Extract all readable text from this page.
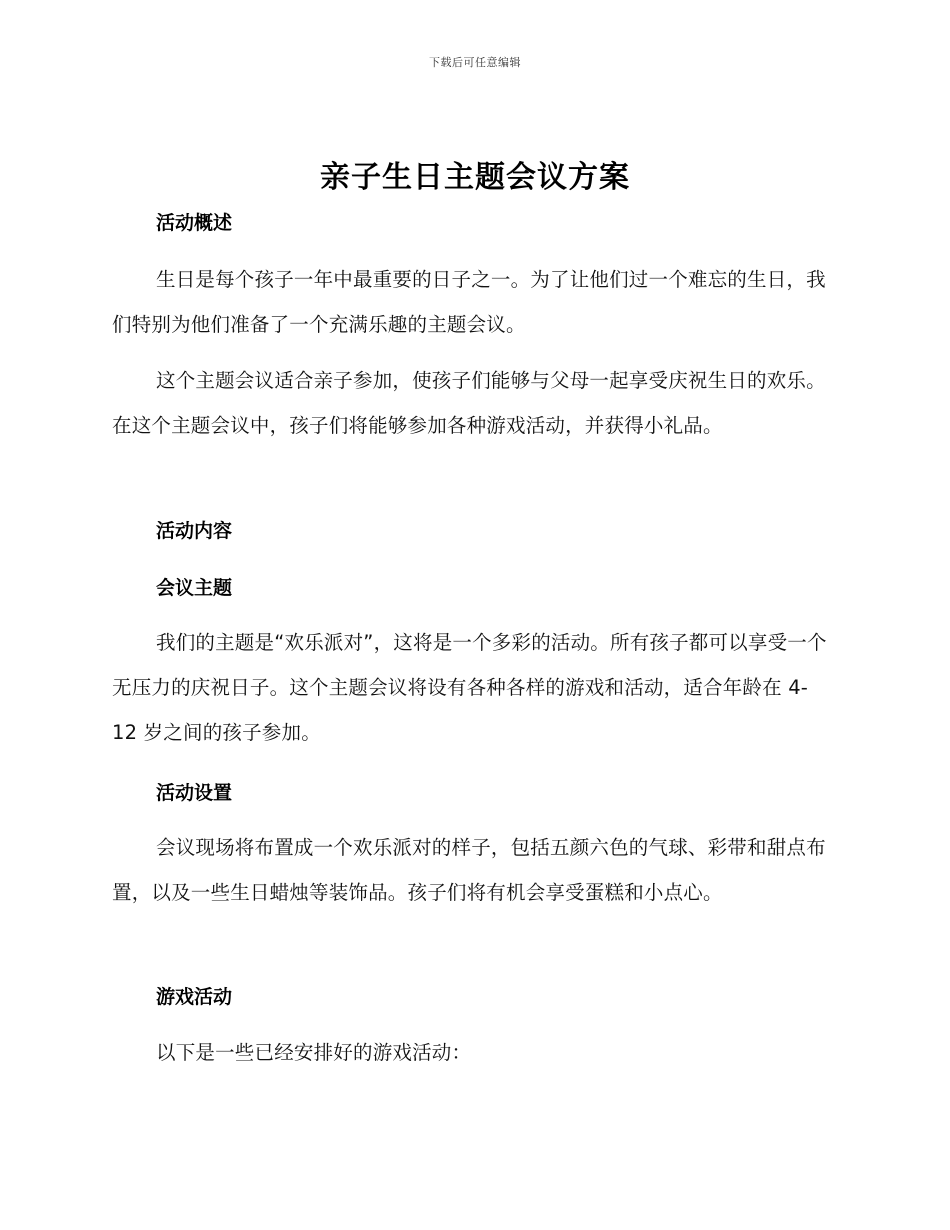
下载后可任意编辑
亲子生日主题会议方案
活动概述

生日是每个孩子一年中最重要的日子之一。为了让他们过一个难忘的生日，我们特别为他们准备了一个充满乐趣的主题会议。

这个主题会议适合亲子参加，使孩子们能够与父母一起享受庆祝生日的欢乐。在这个主题会议中，孩子们将能够参加各种游戏活动，并获得小礼品。

活动内容
会议主题

我们的主题是“欢乐派对”，这将是一个多彩的活动。所有孩子都可以享受一个无压力的庆祝日子。这个主题会议将设有各种各样的游戏和活动，适合年龄在 4-12 岁之间的孩子参加。

活动设置

会议现场将布置成一个欢乐派对的样子，包括五颜六色的气球、彩带和甜点布置，以及一些生日蜡烛等装饰品。孩子们将有机会享受蛋糕和小点心。

游戏活动

以下是一些已经安排好的游戏活动：
